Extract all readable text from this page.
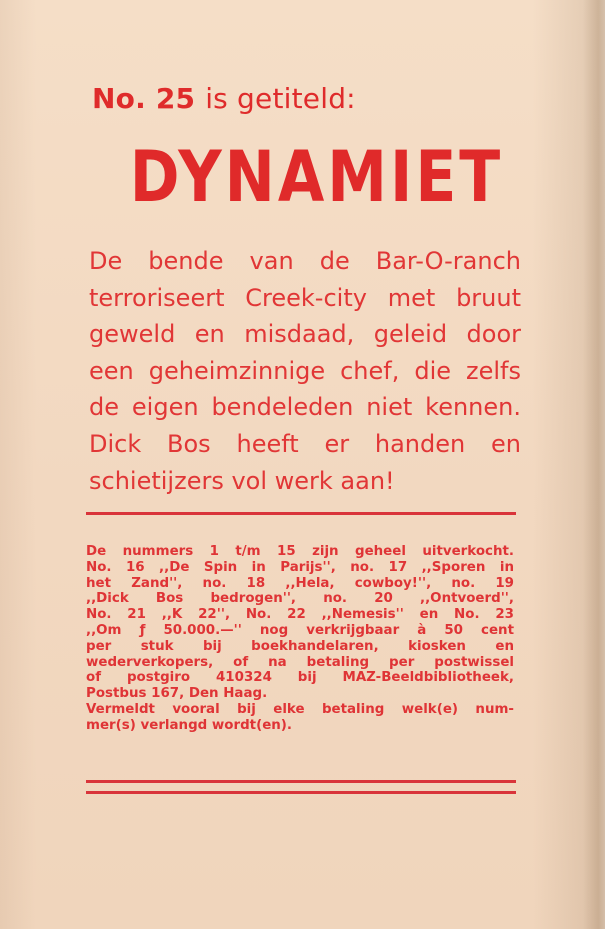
No. 25 is getiteld:
DYNAMIET

De bende van de Bar-O-ranch
terroriseert Creek-city met bruut
geweld en misdaad, geleid door
een geheimzinnige chef, die zelfs
de eigen bendeleden niet kennen.
Dick Bos heeft er handen en
schietijzers vol werk aan!

De nummers 1 t/m 15 zijn geheel uitverkocht.
No. 16 ,,De Spin in Parijs'', no. 17 ,,Sporen in
het Zand'', no. 18 ,,Hela, cowboy!'', no. 19
,,Dick Bos bedrogen'', no. 20 ,,Ontvoerd'',
No. 21 ,,K 22'', No. 22 ,,Nemesis'' en No. 23
,,Om ƒ 50.000.—'' nog verkrijgbaar à 50 cent
per stuk bij boekhandelaren, kiosken en
wederverkopers, of na betaling per postwissel
of postgiro 410324 bij MAZ-Beeldbibliotheek,
Postbus 167, Den Haag.
Vermeldt vooral bij elke betaling welk(e) num-
mer(s) verlangd wordt(en).
